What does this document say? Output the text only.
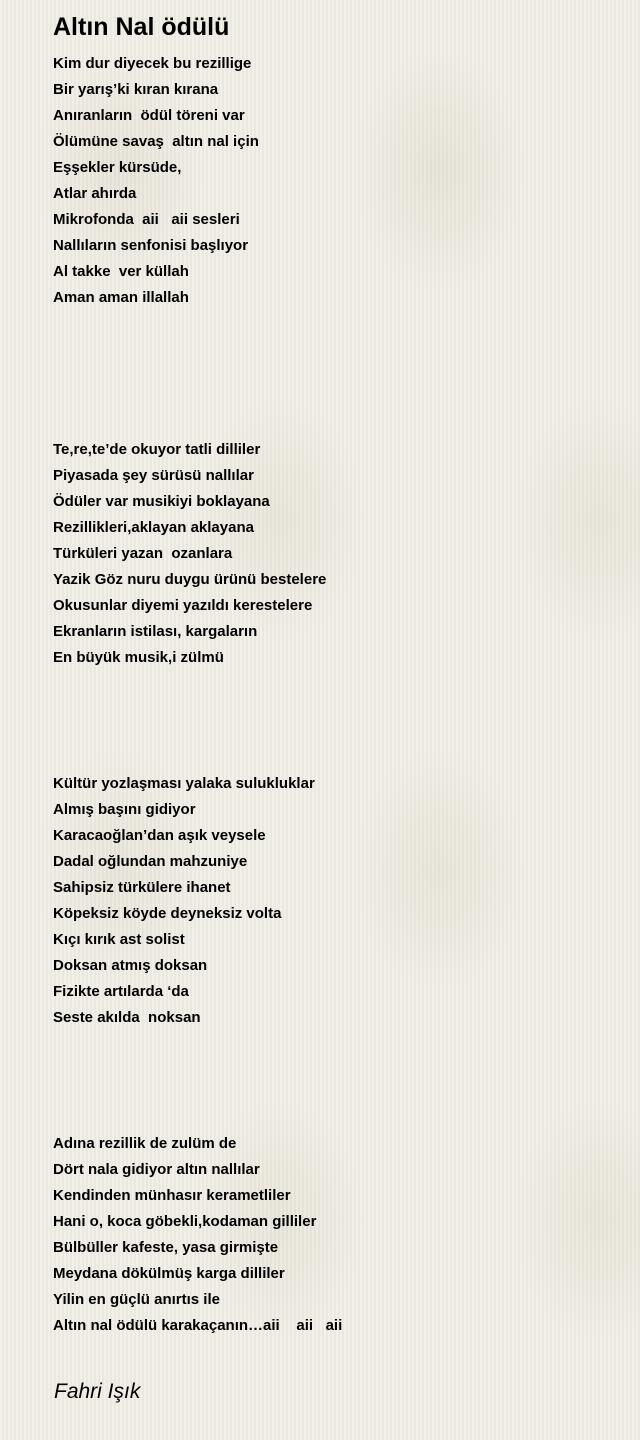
Altın Nal ödülü
Kim dur diyecek bu rezillige
Bir yarış’ki kıran kırana
Anıranların  ödül töreni var
Ölümüne savaş  altın nal için
Eşşekler kürsüde,
Atlar ahırda
Mikrofonda  aii   aii sesleri
Nallıların senfonisi başlıyor
Al takke  ver küllah
Aman aman illallah
Te,re,te’de okuyor tatli dilliler
Piyasada şey sürüsü nallılar
Ödüler var musikiyi boklayana
Rezillikleri,aklayan aklayana
Türküleri yazan  ozanlara
Yazik Göz nuru duygu ürünü bestelere
Okusunlar diyemi yazıldı kerestelere
Ekranların istilası, kargaların
En büyük musik,i zülmü
Kültür yozlaşması yalaka sulukluklar
Almış başını gidiyor
Karacaoğlan’dan aşık veysele
Dadal oğlundan mahzuniye
Sahipsiz türkülere ihanet
Köpeksiz köyde deyneksiz volta
Kıçı kırık ast solist
Doksan atmış doksan
Fizikte artılarda ‘da
Seste akılda  noksan
Adına rezillik de zulüm de
Dört nala gidiyor altın nallılar
Kendinden münhasır kerametliler
Hani o, koca göbekli,kodaman gilliler
Bülbüller kafeste, yasa girmişte
Meydana dökülmüş karga dilliler
Yilin en güçlü anırtıs ile
Altın nal ödülü karakaçanın…aii    aii   aii

Fahri Işık
